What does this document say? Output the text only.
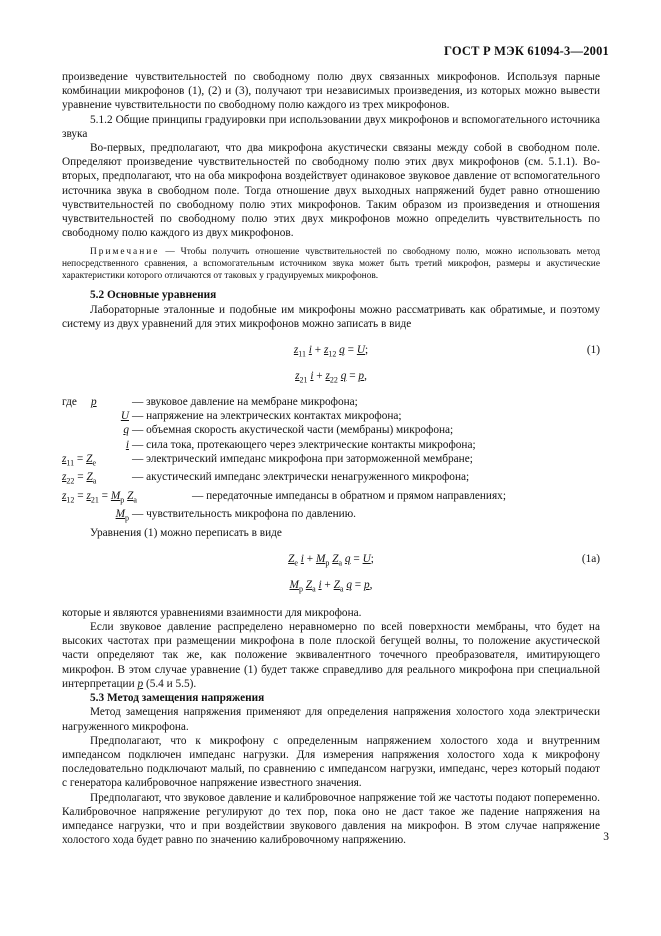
ГОСТ Р МЭК 61094-3—2001

произведение чувствительностей по свободному полю двух связанных микрофонов. Используя парные комбинации микрофонов (1), (2) и (3), получают три независимых произведения, из которых можно вывести уравнение чувствительности по свободному полю каждого из трех микрофонов.

5.1.2 Общие принципы градуировки при использовании двух микрофонов и вспомогательного источника звука

Во-первых, предполагают, что два микрофона акустически связаны между собой в свободном поле. Определяют произведение чувствительностей по свободному полю этих двух микрофонов (см. 5.1.1). Во-вторых, предполагают, что на оба микрофона воздействует одинаковое звуковое давление от вспомогательного источника звука в свободном поле. Тогда отношение двух выходных напряжений будет равно отношению чувствительностей по свободному полю этих микрофонов. Таким образом из произведения и отношения чувствительностей по свободному полю этих двух микрофонов можно определить чувствительность по свободному полю каждого из двух микрофонов.

Примечание — Чтобы получить отношение чувствительностей по свободному полю, можно использовать метод непосредственного сравнения, а вспомогательным источником звука может быть третий микрофон, размеры и акустические характеристики которого отличаются от таковых у градуируемых микрофонов.

5.2 Основные уравнения

Лабораторные эталонные и подобные им микрофоны можно рассматривать как обратимые, и поэтому систему из двух уравнений для этих микрофонов можно записать в виде

$z_{11}$ $i + z_{12}$ q = U;	(1)
$z_{21}$ $i + z_{22}$ q = p,
где p	— звуковое давление на мембране микрофона;
U — напряжение на электрических контактах микрофона;
q — объемная скорость акустической части (мембраны) микрофона;
i — сила тока, протекающего через электрические контакты микрофона;
$z_{11} = Z_e$	— электрический импеданс микрофона при заторможенной мембране;
$z_{22} = Z_a$	— акустический импеданс электрически ненагруженного микрофона;
$z_{12} = z_{21} = M_p$ $Z_a$	— передаточные импедансы в обратном и прямом направлениях;
$M_p$ — чувствительность микрофона по давлению.

Уравнения (1) можно переписать в виде

$Z_e$ $i + M_p$ $Z_a$ q = U;	(1a)
$M_p$ $Z_a$ $i + Z_a$ q = p,

которые и являются уравнениями взаимности для микрофона.

Если звуковое давление распределено неравномерно по всей поверхности мембраны, что будет на высоких частотах при размещении микрофона в поле плоской бегущей волны, то положение акустической части определяют так же, как положение эквивалентного точечного преобразователя, имитирующего микрофон. В этом случае уравнение (1) будет также справедливо для реального микрофона при специальной интерпретации p (5.4 и 5.5).

5.3 Метод замещения напряжения

Метод замещения напряжения применяют для определения напряжения холостого хода электрически нагруженного микрофона.

Предполагают, что к микрофону с определенным напряжением холостого хода и внутренним импедансом подключен импеданс нагрузки. Для измерения напряжения холостого хода к микрофону последовательно подключают малый, по сравнению с импедансом нагрузки, импеданс, через который подают с генератора калибровочное напряжение известного значения.

Предполагают, что звуковое давление и калибровочное напряжение той же частоты подают попеременно. Калибровочное напряжение регулируют до тех пор, пока оно не даст такое же падение напряжения на импедансе нагрузки, что и при воздействии звукового давления на микрофон. В этом случае напряжение холостого хода будет равно по значению калибровочному напряжению.	3
